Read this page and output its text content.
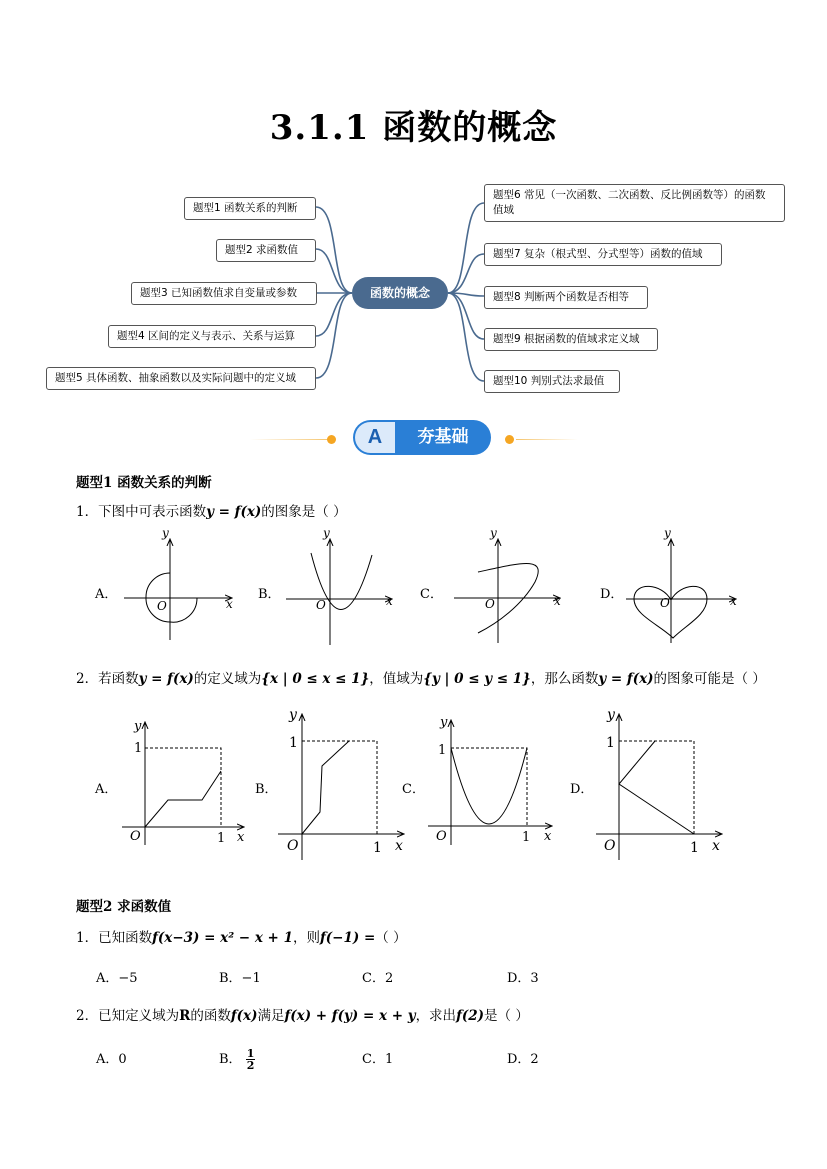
3.1.1 函数的概念
函数的概念
题型1 函数关系的判断
题型2 求函数值
题型3 已知函数值求自变量或参数
题型4 区间的定义与表示、关系与运算
题型5 具体函数、抽象函数以及实际问题中的定义域
题型6 常见（一次函数、二次函数、反比例函数等）的函数值域
题型7 复杂（根式型、分式型等）函数的值域
题型8 判断两个函数是否相等
题型9 根据函数的值域求定义域
题型10 判别式法求最值
A	夯基础
题型1 函数关系的判断
1．下图中可表示函数y = f(x)的图象是（ ）
A．	B．	C．	D．
y
O	x
y
O	x
y
O	x
y
O	x
2．若函数y = f(x)的定义域为{x | 0 ≤ x ≤ 1}，值域为{y | 0 ≤ y ≤ 1}，那么函数y = f(x)的图象可能是（ ）
A．	B．	C．	D．
y
1
O	1 x
y
1
O	1 x
y
1
O	1 x
y
1
O	1 x
题型2 求函数值
1．已知函数f(x−3) = x² − x + 1，则f(−1) =（ ）
A．−5	B．−1	C．2	D．3
2．已知定义域为R的函数f(x)满足f(x) + f(y) = x + y，求出f(2)是（ ）
A．0	B． $\frac{1}{2}$	C．1	D．2
